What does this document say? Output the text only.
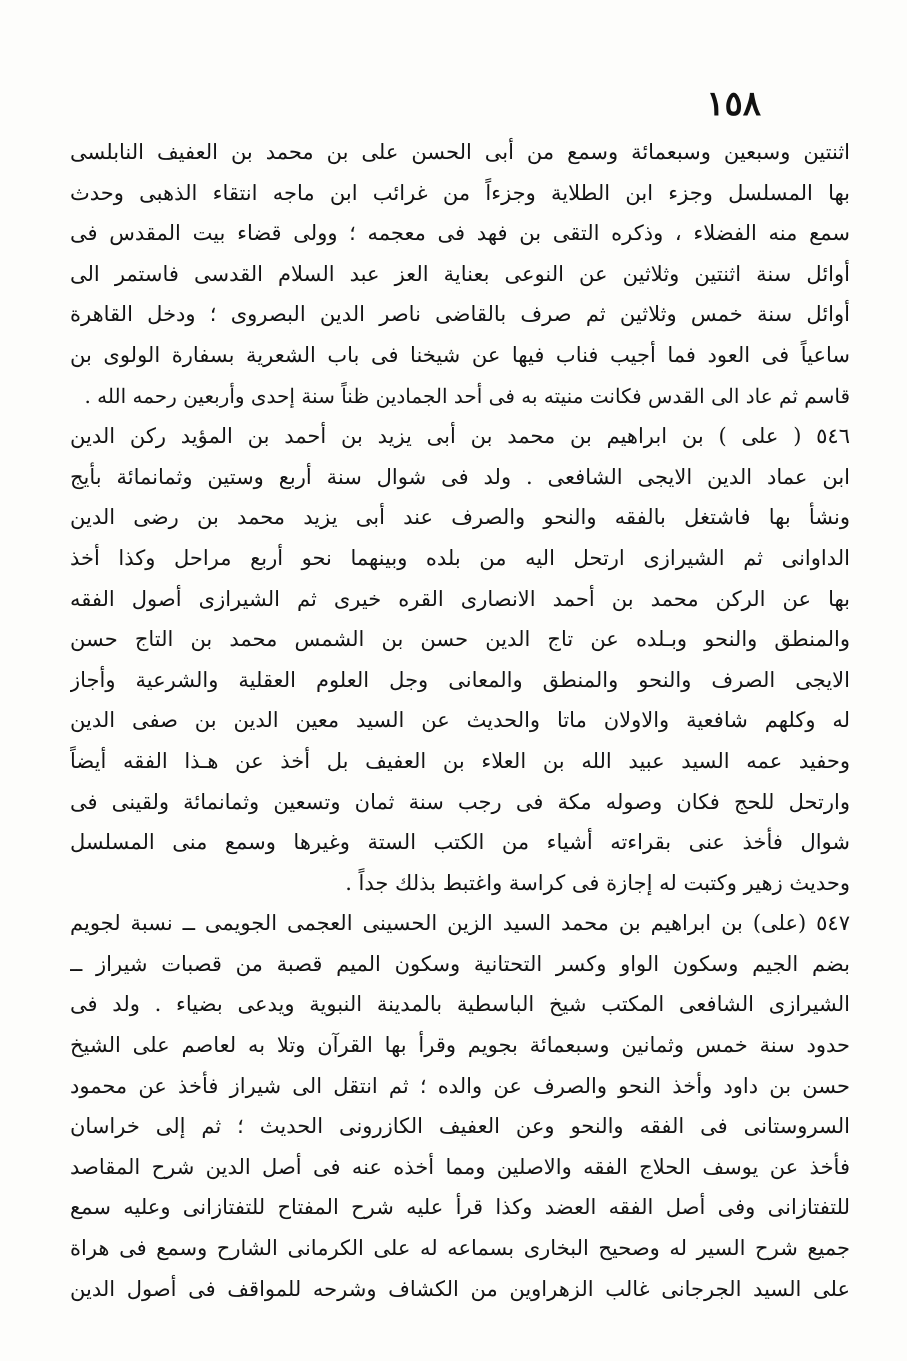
١٥٨
اثنتين وسبعين وسبعمائة وسمع من أبى الحسن على بن محمد بن العفيف النابلسى
بها المسلسل وجزء ابن الطلاية وجزءاً من غرائب ابن ماجه انتقاء الذهبى وحدث
سمع منه الفضلاء ، وذكره التقى بن فهد فى معجمه ؛ وولى قضاء بيت المقدس فى
أوائل سنة اثنتين وثلاثين عن النوعى بعناية العز عبد السلام القدسى فاستمر الى
أوائل سنة خمس وثلاثين ثم صرف بالقاضى ناصر الدين البصروى ؛ ودخل القاهرة
ساعياً فى العود فما أجيب فناب فيها عن شيخنا فى باب الشعرية بسفارة الولوى بن
قاسم ثم عاد الى القدس فكانت منيته به فى أحد الجمادين ظناً سنة إحدى وأربعين رحمه الله .
٥٤٦ ( على ) بن ابراهيم بن محمد بن أبى يزيد بن أحمد بن المؤيد ركن الدين
ابن عماد الدين الايجى الشافعى . ولد فى شوال سنة أربع وستين وثمانمائة بأيج
ونشأ بها فاشتغل بالفقه والنحو والصرف عند أبى يزيد محمد بن رضى الدين
الداوانى ثم الشيرازى ارتحل اليه من بلده وبينهما نحو أربع مراحل وكذا أخذ
بها عن الركن محمد بن أحمد الانصارى القره خيرى ثم الشيرازى أصول الفقه
والمنطق والنحو وبـلده عن تاج الدين حسن بن الشمس محمد بن التاج حسن
الايجى الصرف والنحو والمنطق والمعانى وجل العلوم العقلية والشرعية وأجاز
له وكلهم شافعية والاولان ماتا والحديث عن السيد معين الدين بن صفى الدين
وحفيد عمه السيد عبيد الله بن العلاء بن العفيف بل أخذ عن هـذا الفقه أيضاً
وارتحل للحج فكان وصوله مكة فى رجب سنة ثمان وتسعين وثمانمائة ولقينى فى
شوال فأخذ عنى بقراءته أشياء من الكتب الستة وغيرها وسمع منى المسلسل
وحديث زهير وكتبت له إجازة فى كراسة واغتبط بذلك جداً .
٥٤٧ (على) بن ابراهيم بن محمد السيد الزين الحسينى العجمى الجويمى ــ نسبة لجويم
بضم الجيم وسكون الواو وكسر التحتانية وسكون الميم قصبة من قصبات شيراز ــ
الشيرازى الشافعى المكتب شيخ الباسطية بالمدينة النبوية ويدعى بضياء . ولد فى
حدود سنة خمس وثمانين وسبعمائة بجويم وقرأ بها القرآن وتلا به لعاصم على الشيخ
حسن بن داود وأخذ النحو والصرف عن والده ؛ ثم انتقل الى شيراز فأخذ عن محمود
السروستانى فى الفقه والنحو وعن العفيف الكازرونى الحديث ؛ ثم إلى خراسان
فأخذ عن يوسف الحلاج الفقه والاصلين ومما أخذه عنه فى أصل الدين شرح المقاصد
للتفتازانى وفى أصل الفقه العضد وكذا قرأ عليه شرح المفتاح للتفتازانى وعليه سمع
جميع شرح السير له وصحيح البخارى بسماعه له على الكرمانى الشارح وسمع فى هراة
على السيد الجرجانى غالب الزهراوين من الكشاف وشرحه للمواقف فى أصول الدين
